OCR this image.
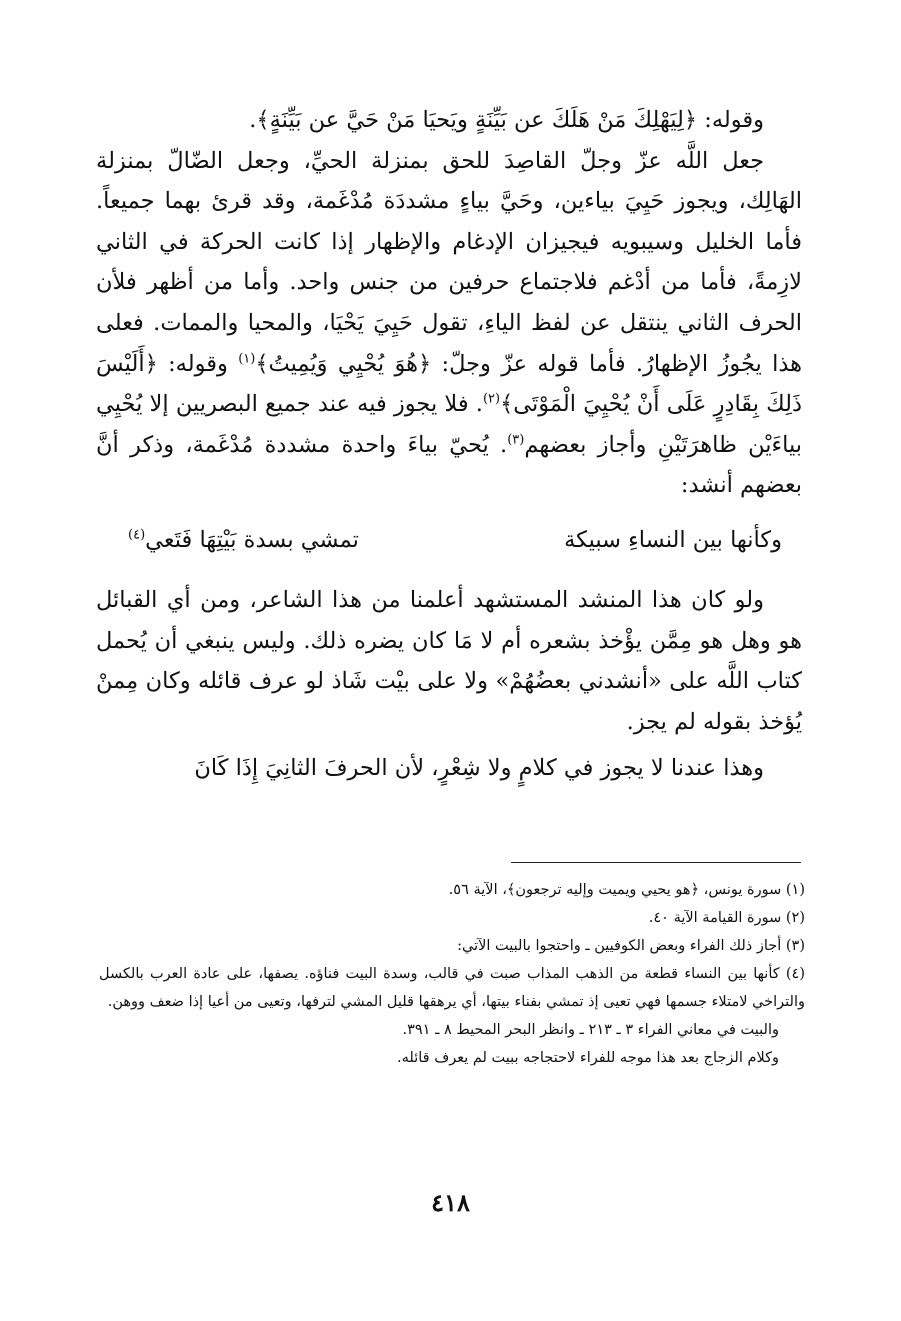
وقوله: ﴿لِيَهْلِكَ مَنْ هَلَكَ عن بَيِّنَةٍ ويَحيَا مَنْ حَيَّ عن بَيِّنَةٍ﴾.

جعل اللَّه عزّ وجلّ القاصِدَ للحق بمنزلة الحيِّ، وجعل الضّالّ بمنزلة الهَالِك، ويجوز حَيِيَ بياءين، وحَيَّ بياءٍ مشددَة مُدْغَمة، وقد قرئ بهما جميعاً. فأما الخليل وسيبويه فيجيزان الإدغام والإظهار إذا كانت الحركة في الثاني لازِمةً، فأما من أدْغم فلاجتماع حرفين من جنس واحد. وأما من أظهر فلأن الحرف الثاني ينتقل عن لفظ الياءِ، تقول حَيِيَ يَحْيَا، والمحيا والممات. فعلى هذا يجُوزُ الإظهارُ. فأما قوله عزّ وجلّ: ﴿هُوَ يُحْيِي وَيُمِيتُ﴾$^{(١)}$ وقوله: ﴿أَلَيْسَ ذَلِكَ بِقَادِرٍ عَلَى أَنْ يُحْيِيَ الْمَوْتَى﴾$^{(٢)}$. فلا يجوز فيه عند جميع البصريين إلا يُحْيِي بياءَيْن ظاهرَتَيْنِ وأجاز بعضهم$^{(٣)}$. يُحيّ بياءَ واحدة مشددة مُدْغَمة، وذكر أنَّ بعضهم أنشد:

وكأنها بين النساءِ سبيكة
تمشي بسدة بَيْتِهَا فَتَعي$^{(٤)}$

ولو كان هذا المنشد المستشهد أعلمنا من هذا الشاعر، ومن أي القبائل هو وهل هو مِمَّن يؤْخذ بشعره أم لا مَا كان يضره ذلك. وليس ينبغي أن يُحمل كتاب اللَّه على «أنشدني بعضُهُمْ» ولا على بيْت شَاذ لو عرف قائله وكان مِمنْ يُؤخذ بقوله لم يجز.

وهذا عندنا لا يجوز في كلامٍ ولا شِعْرٍ، لأن الحرفَ الثانِيَ إِذَا كَانَ

(١) سورة يونس، ﴿هو يحيي ويميت وإليه ترجعون﴾، الآية ٥٦.

(٢) سورة القيامة الآية ٤٠.

(٣) أجاز ذلك الفراء وبعض الكوفيين ـ واحتجوا بالبيت الآتي:

(٤) كأنها بين النساء قطعة من الذهب المذاب صبت في قالب، وسدة البيت فناؤه. يصفها، على عادة العرب بالكسل والتراخي لامتلاء جسمها فهي تعيى إذ تمشي بفناء بيتها، أي يرهقها قليل المشي لترفها، وتعيى من أعيا إذا ضعف ووهن.

والبيت في معاني الفراء ٣ ـ ٢١٣ ـ وانظر البحر المحيط ٨ ـ ٣٩١.

وكلام الزجاج بعد هذا موجه للفراء لاحتجاجه ببيت لم يعرف قائله.

٤١٨
